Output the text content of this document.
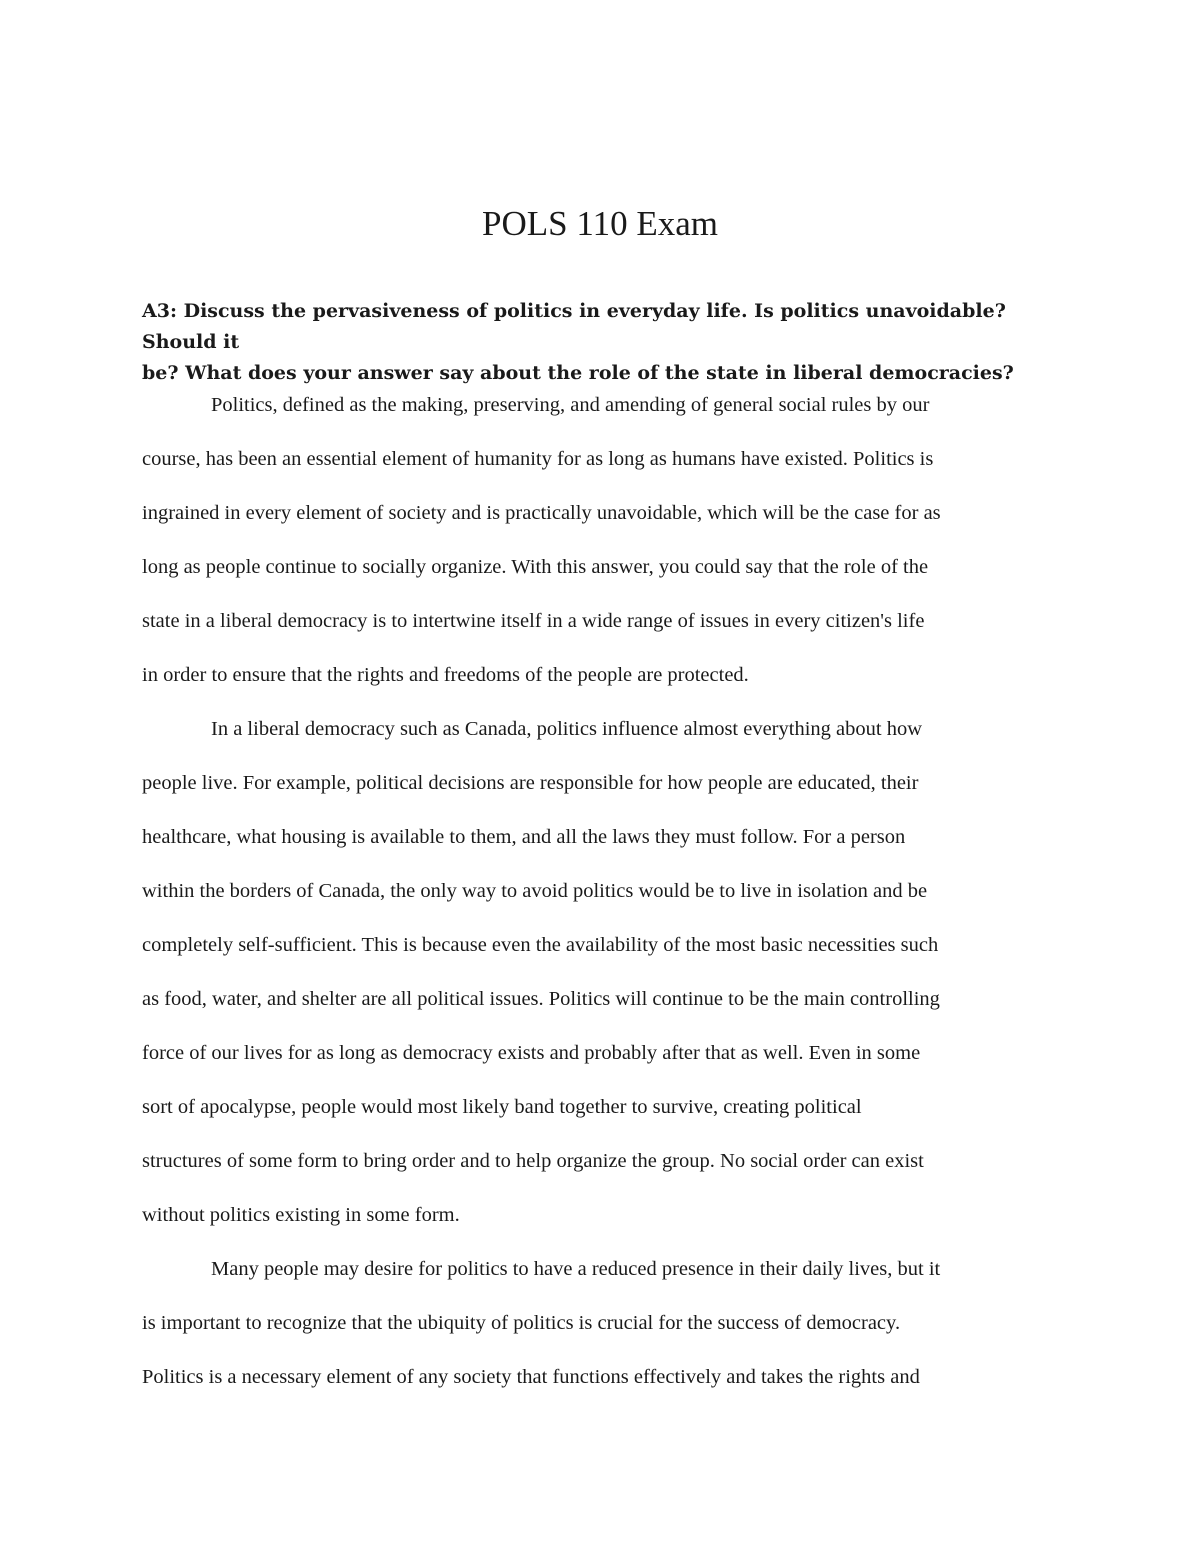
POLS 110 Exam
A3: Discuss the pervasiveness of politics in everyday life. Is politics unavoidable? Should it
be? What does your answer say about the role of the state in liberal democracies?
Politics, defined as the making, preserving, and amending of general social rules by our
course, has been an essential element of humanity for as long as humans have existed. Politics is
ingrained in every element of society and is practically unavoidable, which will be the case for as
long as people continue to socially organize. With this answer, you could say that the role of the
state in a liberal democracy is to intertwine itself in a wide range of issues in every citizen's life
in order to ensure that the rights and freedoms of the people are protected.
In a liberal democracy such as Canada, politics influence almost everything about how
people live. For example, political decisions are responsible for how people are educated, their
healthcare, what housing is available to them, and all the laws they must follow. For a person
within the borders of Canada, the only way to avoid politics would be to live in isolation and be
completely self-sufficient. This is because even the availability of the most basic necessities such
as food, water, and shelter are all political issues. Politics will continue to be the main controlling
force of our lives for as long as democracy exists and probably after that as well. Even in some
sort of apocalypse, people would most likely band together to survive, creating political
structures of some form to bring order and to help organize the group. No social order can exist
without politics existing in some form.
Many people may desire for politics to have a reduced presence in their daily lives, but it
is important to recognize that the ubiquity of politics is crucial for the success of democracy.
Politics is a necessary element of any society that functions effectively and takes the rights and
